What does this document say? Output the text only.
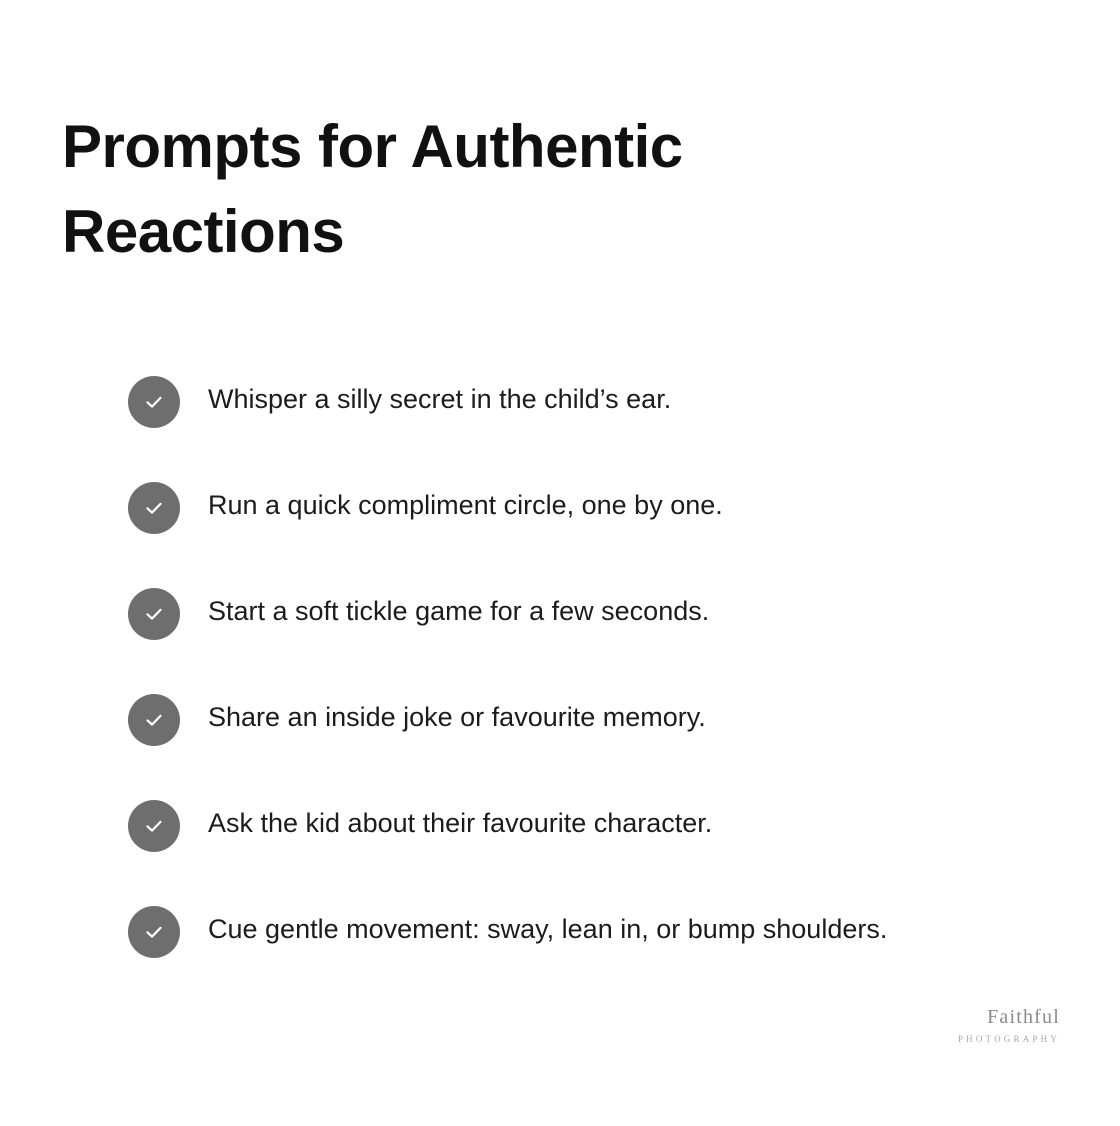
Prompts for Authentic Reactions
Whisper a silly secret in the child’s ear.
Run a quick compliment circle, one by one.
Start a soft tickle game for a few seconds.
Share an inside joke or favourite memory.
Ask the kid about their favourite character.
Cue gentle movement: sway, lean in, or bump shoulders.
Faithful
PHOTOGRAPHY
